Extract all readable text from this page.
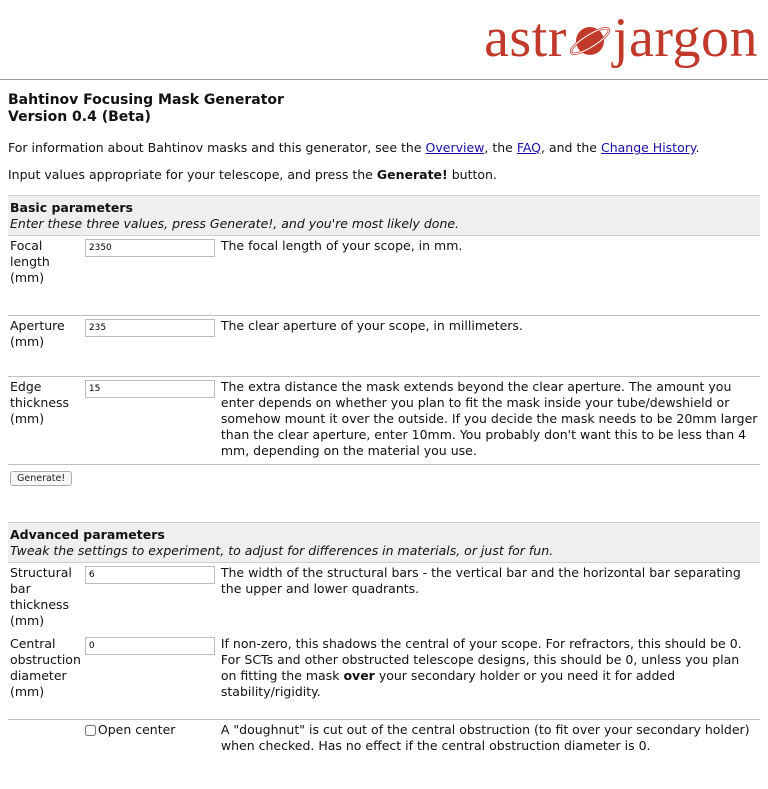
astr jargon
Bahtinov Focusing Mask Generator
Version 0.4 (Beta)

For information about Bahtinov masks and this generator, see the Overview, the FAQ, and the Change History.

Input values appropriate for your telescope, and press the Generate! button.

Basic parameters
Enter these three values, press Generate!, and you're most likely done.		

Focal length (mm)	2350	The focal length of your scope, in mm.

Aperture (mm)	235	The clear aperture of your scope, in millimeters.

Edge thickness (mm)	15	The extra distance the mask extends beyond the clear aperture. The amount you enter depends on whether you plan to fit the mask inside your tube/dewshield or somehow mount it over the outside. If you decide the mask needs to be 20mm larger than the clear aperture, enter 10mm. You probably don't want this to be less than 4 mm, depending on the material you use.

Generate!		

Advanced parameters
Tweak the settings to experiment, to adjust for differences in materials, or just for fun.		

Structural bar thickness (mm)	6	The width of the structural bars - the vertical bar and the horizontal bar separating the upper and lower quadrants.
Central obstruction diameter (mm)	0	If non-zero, this shadows the central of your scope. For refractors, this should be 0. For SCTs and other obstructed telescope designs, this should be 0, unless you plan on fitting the mask over your secondary holder or you need it for added stability/rigidity.

	Open center	A "doughnut" is cut out of the central obstruction (to fit over your secondary holder) when checked. Has no effect if the central obstruction diameter is 0.
